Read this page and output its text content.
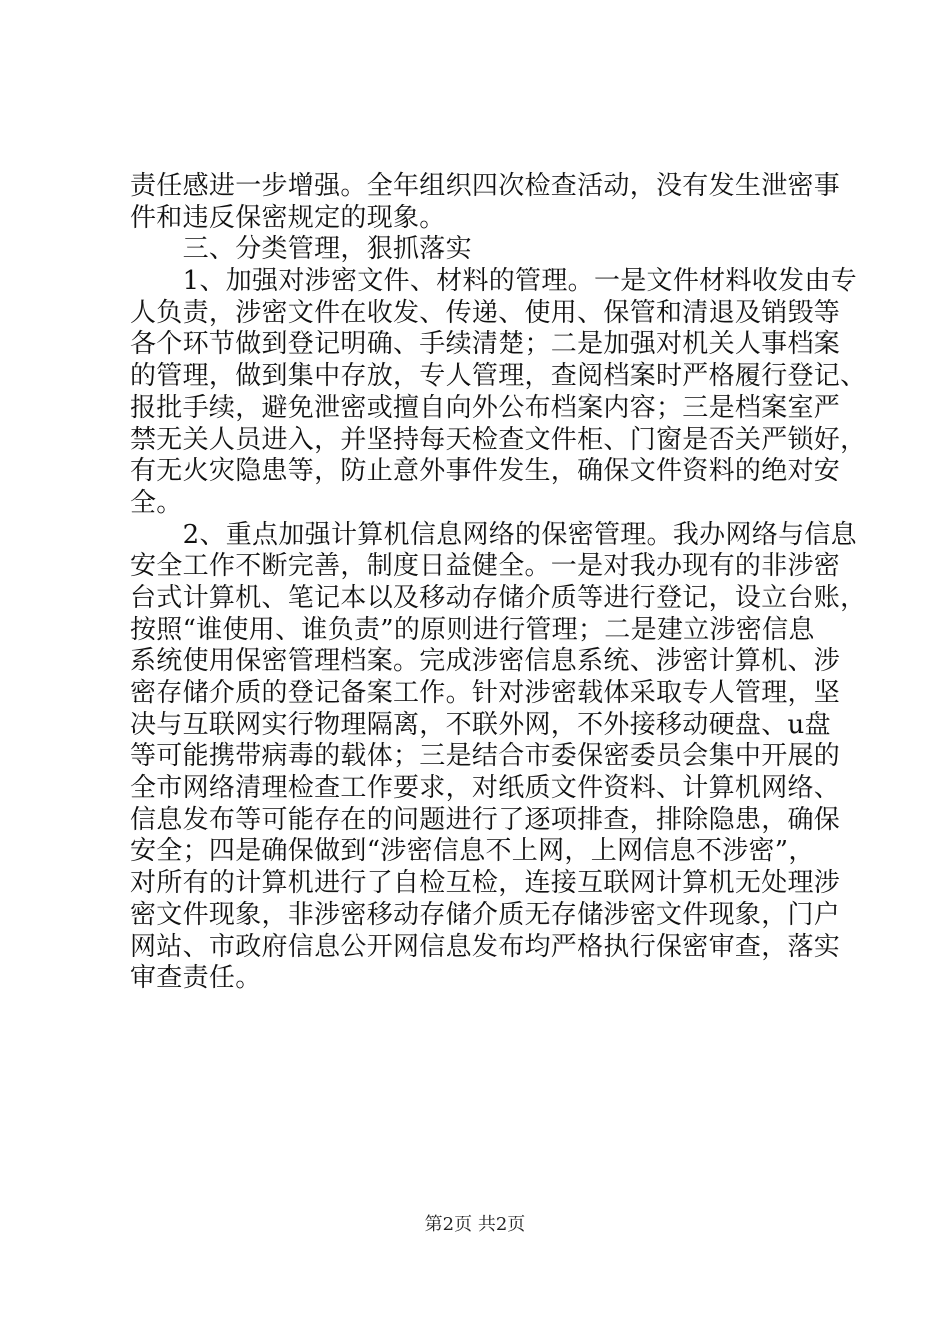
责任感进一步增强。全年组织四次检查活动，没有发生泄密事
件和违反保密规定的现象。
　　三、分类管理，狠抓落实
　　1、加强对涉密文件、材料的管理。一是文件材料收发由专
人负责，涉密文件在收发、传递、使用、保管和清退及销毁等
各个环节做到登记明确、手续清楚；二是加强对机关人事档案
的管理，做到集中存放，专人管理，查阅档案时严格履行登记、
报批手续，避免泄密或擅自向外公布档案内容；三是档案室严
禁无关人员进入，并坚持每天检查文件柜、门窗是否关严锁好，
有无火灾隐患等，防止意外事件发生，确保文件资料的绝对安
全。
　　2、重点加强计算机信息网络的保密管理。我办网络与信息
安全工作不断完善，制度日益健全。一是对我办现有的非涉密
台式计算机、笔记本以及移动存储介质等进行登记，设立台账，
按照“谁使用、谁负责”的原则进行管理；二是建立涉密信息
系统使用保密管理档案。完成涉密信息系统、涉密计算机、涉
密存储介质的登记备案工作。针对涉密载体采取专人管理，坚
决与互联网实行物理隔离，不联外网，不外接移动硬盘、u盘
等可能携带病毒的载体；三是结合市委保密委员会集中开展的
全市网络清理检查工作要求，对纸质文件资料、计算机网络、
信息发布等可能存在的问题进行了逐项排查，排除隐患，确保
安全；四是确保做到“涉密信息不上网，上网信息不涉密”，
对所有的计算机进行了自检互检，连接互联网计算机无处理涉
密文件现象，非涉密移动存储介质无存储涉密文件现象，门户
网站、市政府信息公开网信息发布均严格执行保密审查，落实
审查责任。
第2页 共2页
